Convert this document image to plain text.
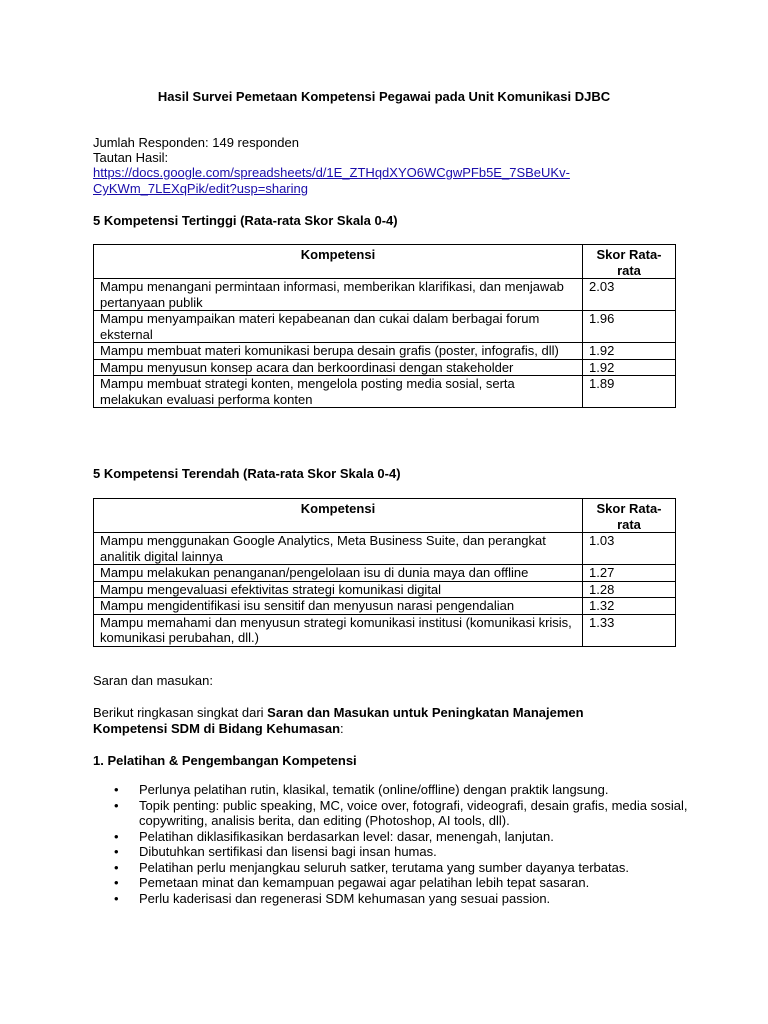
Hasil Survei Pemetaan Kompetensi Pegawai pada Unit Komunikasi DJBC
Jumlah Responden: 149 responden
Tautan Hasil:
https://docs.google.com/spreadsheets/d/1E_ZTHqdXYO6WCgwPFb5E_7SBeUKv-
CyKWm_7LEXqPik/edit?usp=sharing
5 Kompetensi Tertinggi (Rata-rata Skor Skala 0-4)
Kompetensi	Skor Rata-rata
Mampu menangani permintaan informasi, memberikan klarifikasi, dan menjawab pertanyaan publik	2.03
Mampu menyampaikan materi kepabeanan dan cukai dalam berbagai forum eksternal	1.96
Mampu membuat materi komunikasi berupa desain grafis (poster, infografis, dll)	1.92
Mampu menyusun konsep acara dan berkoordinasi dengan stakeholder	1.92
Mampu membuat strategi konten, mengelola posting media sosial, serta melakukan evaluasi performa konten	1.89
5 Kompetensi Terendah (Rata-rata Skor Skala 0-4)
Kompetensi	Skor Rata-rata
Mampu menggunakan Google Analytics, Meta Business Suite, dan perangkat analitik digital lainnya	1.03
Mampu melakukan penanganan/pengelolaan isu di dunia maya dan offline	1.27
Mampu mengevaluasi efektivitas strategi komunikasi digital	1.28
Mampu mengidentifikasi isu sensitif dan menyusun narasi pengendalian	1.32
Mampu memahami dan menyusun strategi komunikasi institusi (komunikasi krisis, komunikasi perubahan, dll.)	1.33
Saran dan masukan:
Berikut ringkasan singkat dari Saran dan Masukan untuk Peningkatan Manajemen Kompetensi SDM di Bidang Kehumasan:
1. Pelatihan & Pengembangan Kompetensi
• Perlunya pelatihan rutin, klasikal, tematik (online/offline) dengan praktik langsung.
• Topik penting: public speaking, MC, voice over, fotografi, videografi, desain grafis, media sosial, copywriting, analisis berita, dan editing (Photoshop, AI tools, dll).
• Pelatihan diklasifikasikan berdasarkan level: dasar, menengah, lanjutan.
• Dibutuhkan sertifikasi dan lisensi bagi insan humas.
• Pelatihan perlu menjangkau seluruh satker, terutama yang sumber dayanya terbatas.
• Pemetaan minat dan kemampuan pegawai agar pelatihan lebih tepat sasaran.
• Perlu kaderisasi dan regenerasi SDM kehumasan yang sesuai passion.
